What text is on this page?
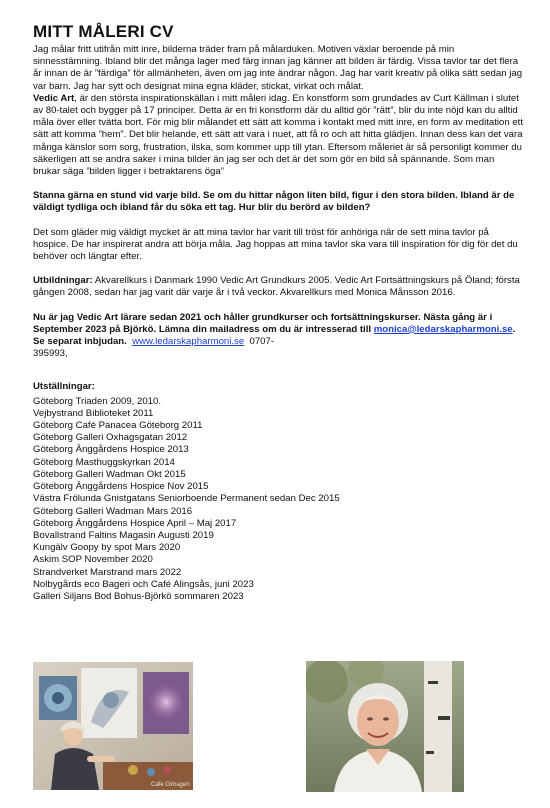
MITT MÅLERI CV

Jag målar fritt utifrån mitt inre, bilderna träder fram på målarduken. Motiven växlar beroende på min sinnesstämning. Ibland blir det många lager med färg innan jag känner att bilden är färdig. Vissa tavlor tar det flera år innan de är ”färdiga” för allmänheten, även om jag inte ändrar någon. Jag har varit kreativ på olika sätt sedan jag var barn. Jag har sytt och designat mina egna kläder, stickat, virkat och målat.
Vedic Art, är den största inspirationskällan i mitt måleri idag. En konstform som grundades av Curt Källman i slutet av 80-talet och bygger på 17 principer. Detta är en fri konstform där du alltid gör ”rätt”, blir du inte nöjd kan du alltid måla över eller tvätta bort. För mig blir målandet ett sätt att komma i kontakt med mitt inre, en form av meditation ett sätt att komma ”hem”. Det blir helande, ett sätt att vara i nuet, att få ro och att hitta glädjen. Innan dess kan det vara många känslor som sorg, frustration, ilska, som kommer upp till ytan. Eftersom måleriet är så personligt kommer du säkerligen att se andra saker i mina bilder än jag ser och det är det som gör en bild så spännande. Som man brukar säga ”bilden ligger i betraktarens öga”

Stanna gärna en stund vid varje bild. Se om du hittar någon liten bild, figur i den stora bilden. Ibland är de väldigt tydliga och ibland får du söka ett tag. Hur blir du berörd av bilden?

Det som gläder mig väldigt mycket är att mina tavlor har varit till tröst för anhöriga när de sett mina tavlor på hospice. De har inspirerat andra att börja måla. Jag hoppas att mina tavlor ska vara till inspiration för dig för det du behöver och längtar efter.

Utbildningar: Akvarellkurs i Danmark 1990 Vedic Art Grundkurs 2005. Vedic Art Fortsättningskurs på Öland; första gången 2008, sedan har jag varit där varje år i två veckor. Akvarellkurs med Monica Månsson 2016.

Nu är jag Vedic Art lärare sedan 2021 och håller grundkurser och fortsättningskurser. Nästa gång är i September 2023 på Björkö. Lämna din mailadress om du är intresserad till monica@ledarskapharmoni.se.
Se separat inbjudan. www.ledarskapharmoni.se 0707-
395993,

Utställningar:

Göteborg Triaden 2009, 2010.
Vejbystrand Biblioteket 2011
Göteborg Café Panacea Göteborg 2011
Göteborg Galleri Oxhagsgatan 2012
Göteborg Änggårdens Hospice 2013
Göteborg Masthuggskyrkan 2014
Göteborg Galleri Wadman Okt 2015
Göteborg Änggårdens Hospice Nov 2015
Västra Frölunda Gnistgatans Seniorboende Permanent sedan Dec 2015
Göteborg Galleri Wadman Mars 2016
Göteborg Änggårdens Hospice April – Maj 2017
Bovallstrand Faltins Magasin Augusti 2019
Kungälv Goopy by spot Mars 2020
Askim SOP November 2020
Strandverket Marstrand mars 2022
Nolbygårds eco Bageri och Café Alingsås, juni 2023
Galleri Siljans Bod Bohus-Björkö sommaren 2023
Cafe Oxhagen
